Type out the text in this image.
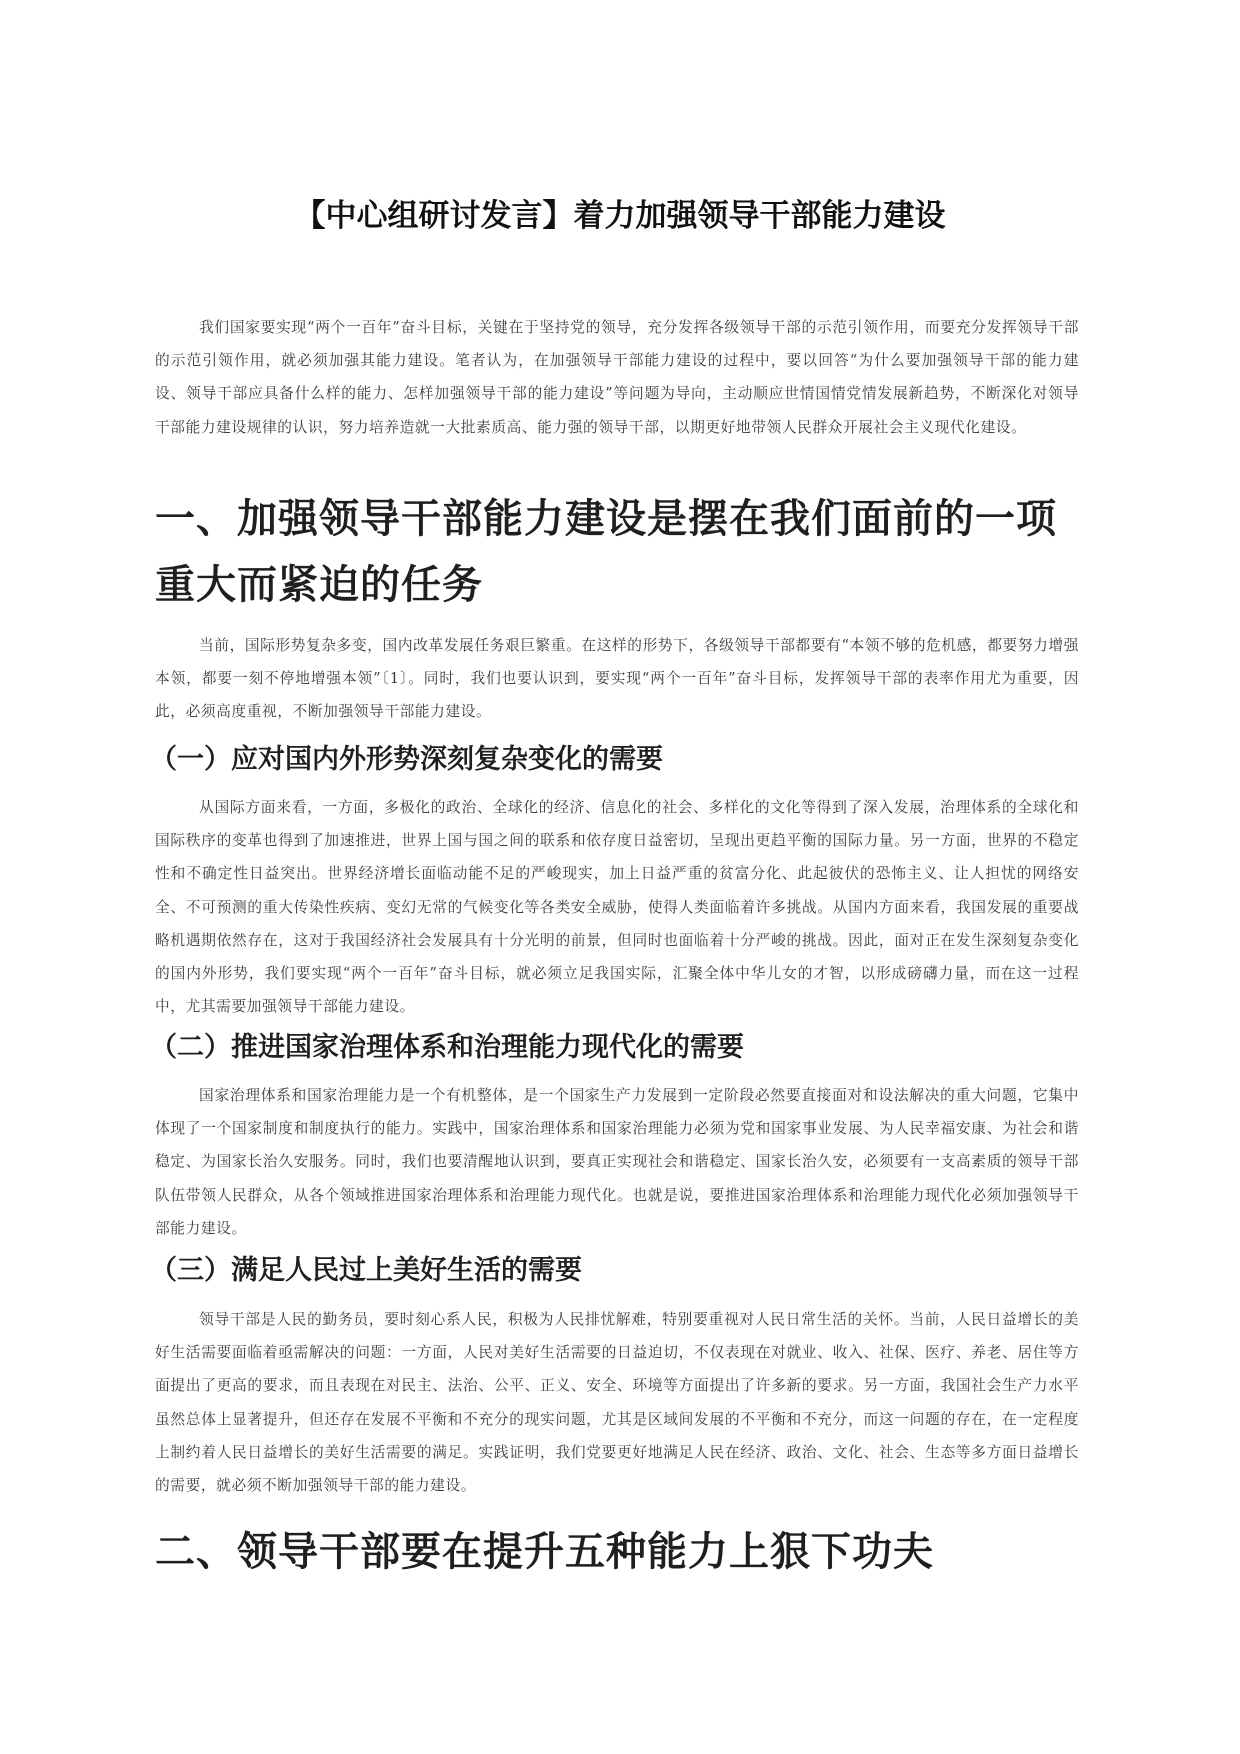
【中心组研讨发言】着力加强领导干部能力建设

我们国家要实现“两个一百年”奋斗目标，关键在于坚持党的领导，充分发挥各级领导干部的示范引领作用，而要充分发挥领导干部的示范引领作用，就必须加强其能力建设。笔者认为，在加强领导干部能力建设的过程中，要以回答“为什么要加强领导干部的能力建设、领导干部应具备什么样的能力、怎样加强领导干部的能力建设”等问题为导向，主动顺应世情国情党情发展新趋势，不断深化对领导干部能力建设规律的认识，努力培养造就一大批素质高、能力强的领导干部，以期更好地带领人民群众开展社会主义现代化建设。

一、加强领导干部能力建设是摆在我们面前的一项重大而紧迫的任务

当前，国际形势复杂多变，国内改革发展任务艰巨繁重。在这样的形势下，各级领导干部都要有“本领不够的危机感，都要努力增强本领，都要一刻不停地增强本领”〔1〕。同时，我们也要认识到，要实现“两个一百年”奋斗目标，发挥领导干部的表率作用尤为重要，因此，必须高度重视，不断加强领导干部能力建设。

（一）应对国内外形势深刻复杂变化的需要

从国际方面来看，一方面，多极化的政治、全球化的经济、信息化的社会、多样化的文化等得到了深入发展，治理体系的全球化和国际秩序的变革也得到了加速推进，世界上国与国之间的联系和依存度日益密切，呈现出更趋平衡的国际力量。另一方面，世界的不稳定性和不确定性日益突出。世界经济增长面临动能不足的严峻现实，加上日益严重的贫富分化、此起彼伏的恐怖主义、让人担忧的网络安全、不可预测的重大传染性疾病、变幻无常的气候变化等各类安全威胁，使得人类面临着许多挑战。从国内方面来看，我国发展的重要战略机遇期依然存在，这对于我国经济社会发展具有十分光明的前景，但同时也面临着十分严峻的挑战。因此，面对正在发生深刻复杂变化的国内外形势，我们要实现“两个一百年”奋斗目标，就必须立足我国实际，汇聚全体中华儿女的才智，以形成磅礴力量，而在这一过程中，尤其需要加强领导干部能力建设。

（二）推进国家治理体系和治理能力现代化的需要

国家治理体系和国家治理能力是一个有机整体，是一个国家生产力发展到一定阶段必然要直接面对和设法解决的重大问题，它集中体现了一个国家制度和制度执行的能力。实践中，国家治理体系和国家治理能力必须为党和国家事业发展、为人民幸福安康、为社会和谐稳定、为国家长治久安服务。同时，我们也要清醒地认识到，要真正实现社会和谐稳定、国家长治久安，必须要有一支高素质的领导干部队伍带领人民群众，从各个领域推进国家治理体系和治理能力现代化。也就是说，要推进国家治理体系和治理能力现代化必须加强领导干部能力建设。

（三）满足人民过上美好生活的需要

领导干部是人民的勤务员，要时刻心系人民，积极为人民排忧解难，特别要重视对人民日常生活的关怀。当前，人民日益增长的美好生活需要面临着亟需解决的问题：一方面，人民对美好生活需要的日益迫切，不仅表现在对就业、收入、社保、医疗、养老、居住等方面提出了更高的要求，而且表现在对民主、法治、公平、正义、安全、环境等方面提出了许多新的要求。另一方面，我国社会生产力水平虽然总体上显著提升，但还存在发展不平衡和不充分的现实问题，尤其是区域间发展的不平衡和不充分，而这一问题的存在，在一定程度上制约着人民日益增长的美好生活需要的满足。实践证明，我们党要更好地满足人民在经济、政治、文化、社会、生态等多方面日益增长的需要，就必须不断加强领导干部的能力建设。

二、领导干部要在提升五种能力上狠下功夫
